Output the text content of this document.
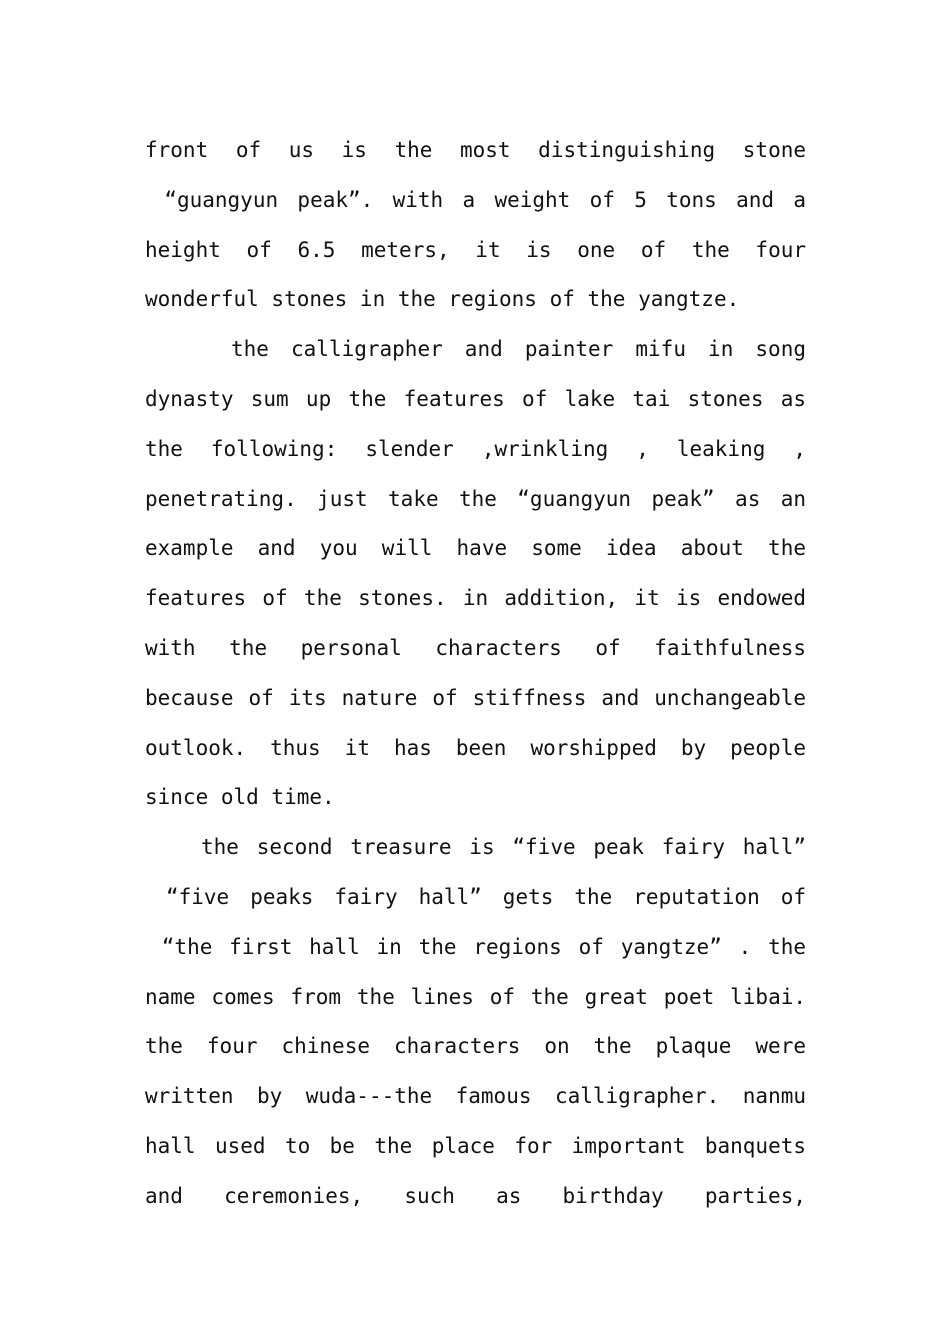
front of us is the most distinguishing stone
“guangyun peak”. with a weight of 5 tons and a
height of 6.5 meters, it is one of the four
wonderful stones in the regions of the yangtze.
the calligrapher and painter mifu in song
dynasty sum up the features of lake tai stones as
the following: slender ,wrinkling , leaking ,
penetrating. just take the “guangyun peak” as an
example and you will have some idea about the
features of the stones. in addition, it is endowed
with the personal characters of faithfulness
because of its nature of stiffness and unchangeable
outlook. thus it has been worshipped by people
since old time.
the second treasure is “five peak fairy hall”
“five peaks fairy hall” gets the reputation of
“the first hall in the regions of yangtze” . the
name comes from the lines of the great poet libai.
the four chinese characters on the plaque were
written by wuda---the famous calligrapher. nanmu
hall used to be the place for important banquets
and ceremonies, such as birthday parties,
